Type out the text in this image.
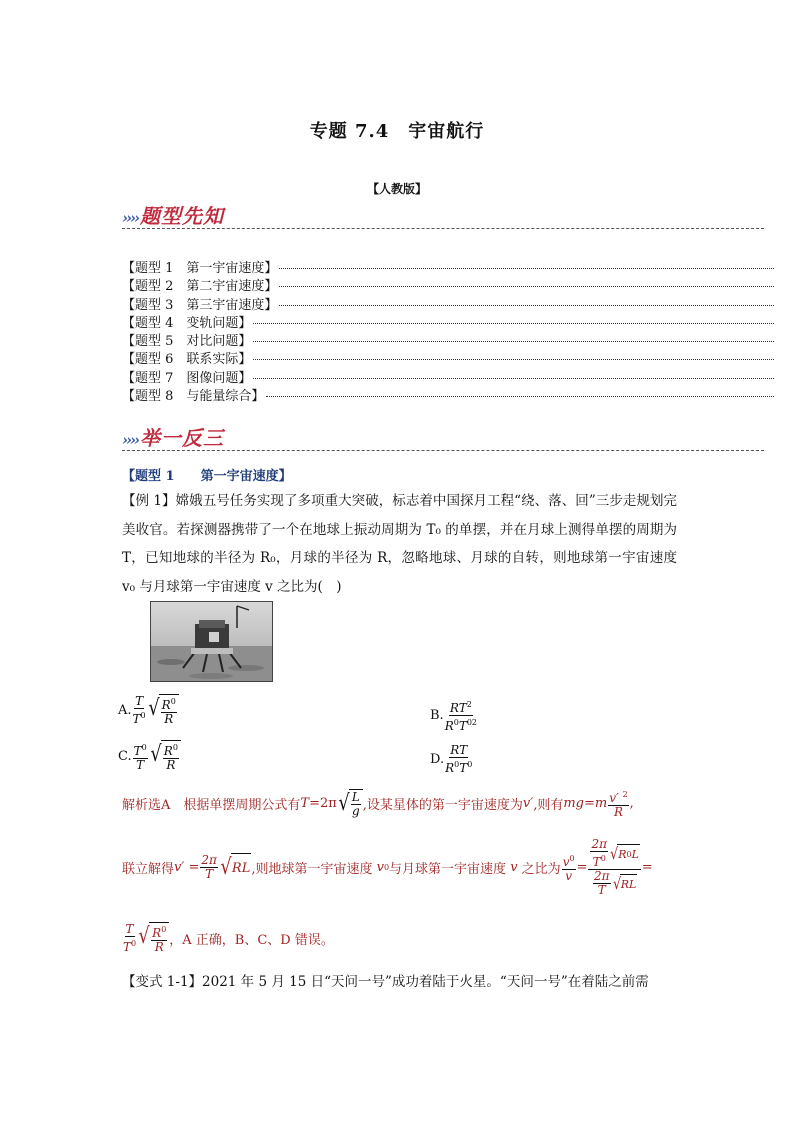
专题 7.4　宇宙航行
【人教版】
›››› 题型先知
【题型 1　第一宇宙速度】
【题型 2　第二宇宙速度】
【题型 3　第三宇宙速度】
【题型 4　变轨问题】
【题型 5　对比问题】
【题型 6　联系实际】
【题型 7　图像问题】
【题型 8　与能量综合】
›››› 举一反三
【题型 1　　第一宇宙速度】
【例 1】嫦娥五号任务实现了多项重大突破，标志着中国探月工程“绕、落、回”三步走规划完美收官。若探测器携带了一个在地球上振动周期为 T₀ 的单摆，并在月球上测得单摆的周期为 T，已知地球的半径为 R₀，月球的半径为 R，忽略地球、月球的自转，则地球第一宇宙速度 v₀ 与月球第一宇宙速度 v 之比为(　)
A. $\frac{T}{T^0}$ √ $\frac{R^0}{R}$	B. $\frac{RT^2}{R^0T^{02}}$
C. $\frac{T^0}{T}$ √ $\frac{R^0}{R}$	D. $\frac{RT}{R^0T^0}$
解析选A　根据单摆周期公式有 T =2π √ $\frac{L}{g}$ ,设某星体的第一宇宙速度为 v′ ,则有 mg = m $\frac{v' ^2}{R}$ ,
联立解得 $v' = \frac{2\pi}{T}$ √ RL ,则地球第一宇宙速度 v 0 与月球第一宇宙速度 v 之比为 $\frac{v^0}{v} = \frac{\frac{2\pi}{T^0} √ R 0 L}{\frac{2\pi}{T} √ RL}$ =
$\frac{T}{T^0}$ √ $\frac{R^0}{R}$ ，A 正确，B、C、D 错误。
【变式 1-1】2021 年 5 月 15 日“天问一号”成功着陆于火星。“天问一号”在着陆之前需
